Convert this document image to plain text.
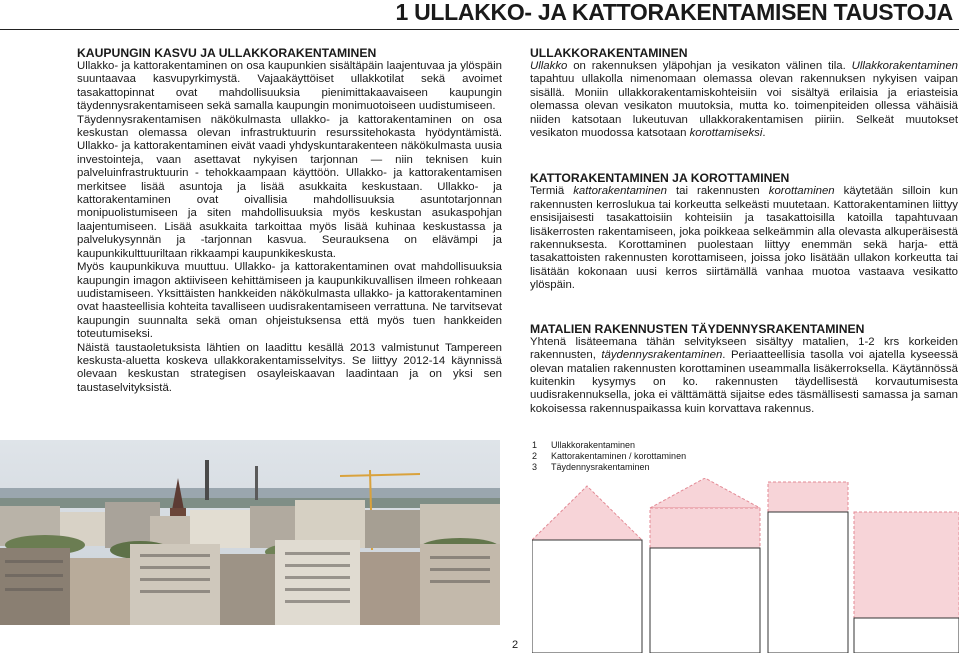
1 ULLAKKO- JA KATTORAKENTAMISEN TAUSTOJA
KAUPUNGIN KASVU JA ULLAKKORAKENTAMINEN

Ullakko- ja kattorakentaminen on osa kaupunkien sisältäpäin laajentuvaa ja ylöspäin suuntaavaa kasvupyrkimystä. Vajaakäyttöiset ullakkotilat sekä avoimet tasakattopinnat ovat mahdollisuuksia pienimittakaavaiseen kaupungin täydennysrakentamiseen sekä samalla kaupungin monimuotoiseen uudistumiseen.

Täydennysrakentamisen näkökulmasta ullakko- ja kattorakentaminen on osa keskustan olemassa olevan infrastruktuurin resurssitehokasta hyödyntämistä. Ullakko- ja kattorakentaminen eivät vaadi yhdyskuntarakenteen näkökulmasta uusia investointeja, vaan asettavat nykyisen tarjonnan — niin teknisen kuin palveluinfrastruktuurin - tehokkaampaan käyttöön. Ullakko- ja kattorakentamisen merkitsee lisää asuntoja ja lisää asukkaita keskustaan. Ullakko- ja kattorakentaminen ovat oivallisia mahdollisuuksia asuntotarjonnan monipuolistumiseen ja siten mahdollisuuksia myös keskustan asukaspohjan laajentumiseen. Lisää asukkaita tarkoittaa myös lisää kuhinaa keskustassa ja palvelukysynnän ja -tarjonnan kasvua. Seurauksena on elävämpi ja kaupunkikulttuuriltaan rikkaampi kaupunkikeskusta.

Myös kaupunkikuva muuttuu. Ullakko- ja kattorakentaminen ovat mahdollisuuksia kaupungin imagon aktiiviseen kehittämiseen ja kaupunkikuvallisen ilmeen rohkeaan uudistamiseen. Yksittäisten hankkeiden näkökulmasta ullakko- ja kattorakentaminen ovat haasteellisia kohteita tavalliseen uudisrakentamiseen verrattuna. Ne tarvitsevat kaupungin suunnalta sekä oman ohjeistuksensa että myös tuen hankkeiden toteutumiseksi.

Näistä taustaoletuksista lähtien on laadittu kesällä 2013 valmistunut Tampereen keskusta-aluetta koskeva ullakkorakentamisselvitys. Se liittyy 2012-14 käynnissä olevaan keskustan strategisen osayleiskaavan laadintaan ja on yksi sen taustaselvityksistä.

ULLAKKORAKENTAMINEN

Ullakko on rakennuksen yläpohjan ja vesikaton välinen tila. Ullakkorakentaminen tapahtuu ullakolla nimenomaan olemassa olevan rakennuksen nykyisen vaipan sisällä. Moniin ullakkorakentamiskohteisiin voi sisältyä erilaisia ja eriasteisia olemassa olevan vesikaton muutoksia, mutta ko. toimenpiteiden ollessa vähäisiä niiden katsotaan lukeutuvan ullakkorakentamisen piiriin. Selkeät muutokset vesikaton muodossa katsotaan korottamiseksi.

KATTORAKENTAMINEN JA KOROTTAMINEN

Termiä kattorakentaminen tai rakennusten korottaminen käytetään silloin kun rakennusten kerroslukua tai korkeutta selkeästi muutetaan. Kattorakentaminen liittyy ensisijaisesti tasakattoisiin kohteisiin ja tasakattoisilla katoilla tapahtuvaan lisäkerrosten rakentamiseen, joka poikkeaa selkeämmin alla olevasta alkuperäisestä rakennuksesta. Korottaminen puolestaan liittyy enemmän sekä harja- että tasakattoisten rakennusten korottamiseen, joissa joko lisätään ullakon korkeutta tai lisätään kokonaan uusi kerros siirtämällä vanhaa muotoa vastaava vesikatto ylöspäin.

MATALIEN RAKENNUSTEN TÄYDENNYSRAKENTAMINEN

Yhtenä lisäteemana tähän selvitykseen sisältyy matalien, 1-2 krs korkeiden rakennusten, täydennysrakentaminen. Periaatteellisia tasolla voi ajatella kyseessä olevan matalien rakennusten korottaminen useammalla lisäkerroksella. Käytännössä kuitenkin kysymys on ko. rakennusten täydellisestä korvautumisesta uudisrakennuksella, joka ei välttämättä sijaitse edes täsmällisesti samassa ja saman kokoisessa rakennuspaikassa kuin korvattava rakennus.

1	Ullakkorakentaminen
2	Kattorakentaminen / korottaminen
3	Täydennysrakentaminen
2
